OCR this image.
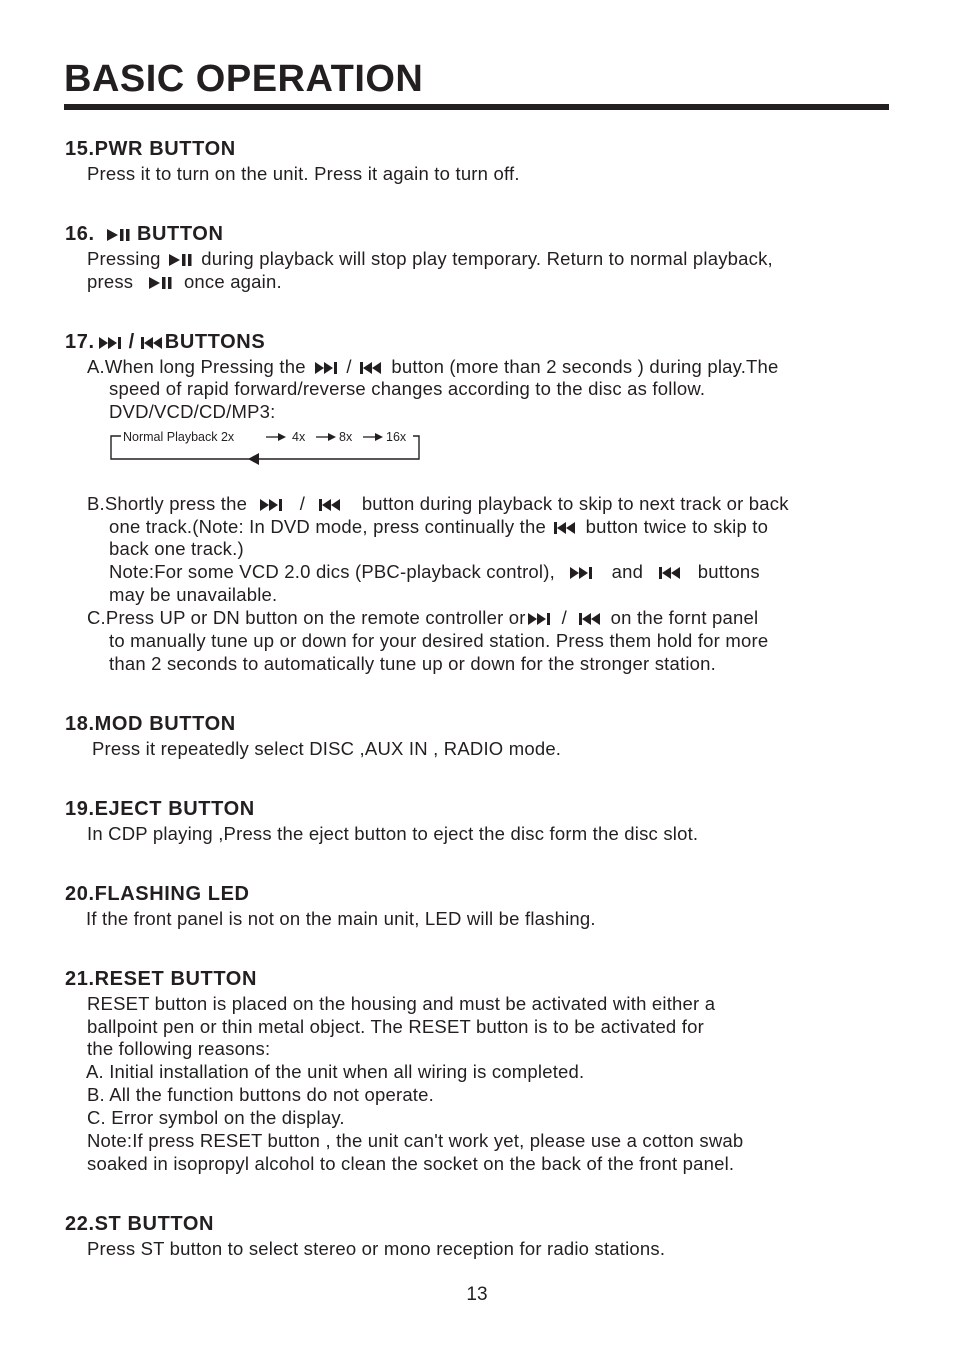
BASIC OPERATION
15.PWR BUTTON
Press it to turn on the unit. Press it again to turn off.
16. BUTTON
Pressing during playback will stop play temporary. Return to normal playback,
press	once again.
17. / BUTTONS
A.When long Pressing the / button (more than 2 seconds ) during play.The
speed of rapid forward/reverse changes according to the disc as follow.
DVD/VCD/CD/MP3:
Normal Playback 2x	4x	8x	16x
B.Shortly press the	/	button during playback to skip to next track or back
one track.(Note: In DVD mode, press continually the button twice to skip to
back one track.)
Note:For some VCD 2.0 dics (PBC-playback control),	and	buttons
may be unavailable.
C.Press UP or DN button on the remote controller or / on the fornt panel
to manually tune up or down for your desired station. Press them hold for more
than 2 seconds to automatically tune up or down for the stronger station.
18.MOD BUTTON
Press it repeatedly select DISC ,AUX IN , RADIO mode.
19.EJECT BUTTON
In CDP playing ,Press the eject button to eject the disc form the disc slot.
20.FLASHING LED
If the front panel is not on the main unit, LED will be flashing.
21.RESET BUTTON
RESET button is placed on the housing and must be activated with either a
ballpoint pen or thin metal object. The RESET button is to be activated for
the following reasons:
A. Initial installation of the unit when all wiring is completed.
B. All the function buttons do not operate.
C. Error symbol on the display.
Note:If press RESET button , the unit can't work yet, please use a cotton swab
soaked in isopropyl alcohol to clean the socket on the back of the front panel.
22.ST BUTTON
Press ST button to select stereo or mono reception for radio stations.
13
